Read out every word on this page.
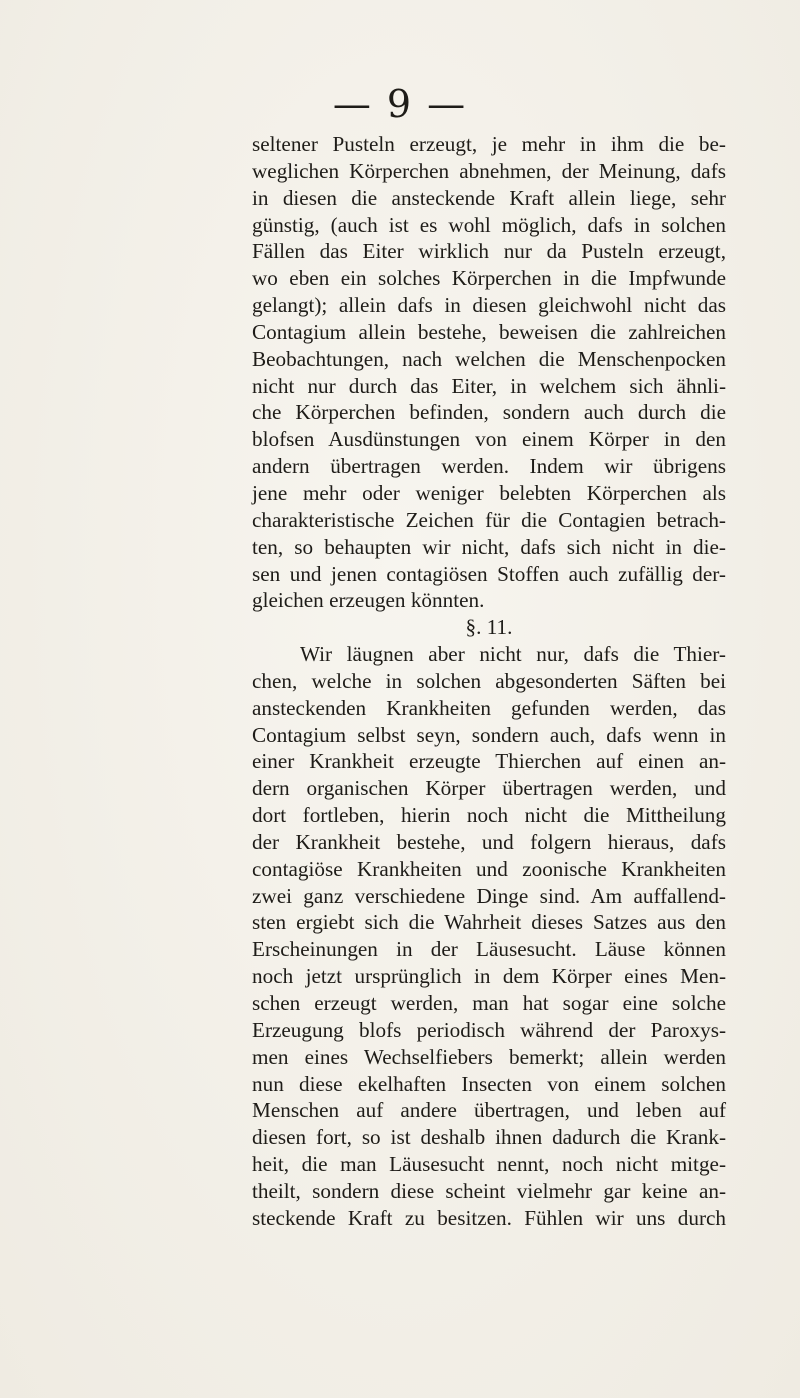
— 9 —
seltener Pusteln erzeugt, je mehr in ihm die be-
weglichen Körperchen abnehmen, der Meinung, dafs
in diesen die ansteckende Kraft allein liege, sehr
günstig, (auch ist es wohl möglich, dafs in solchen
Fällen das Eiter wirklich nur da Pusteln erzeugt,
wo eben ein solches Körperchen in die Impfwunde
gelangt); allein dafs in diesen gleichwohl nicht das
Contagium allein bestehe, beweisen die zahlreichen
Beobachtungen, nach welchen die Menschenpocken
nicht nur durch das Eiter, in welchem sich ähnli-
che Körperchen befinden, sondern auch durch die
blofsen Ausdünstungen von einem Körper in den
andern übertragen werden. Indem wir übrigens
jene mehr oder weniger belebten Körperchen als
charakteristische Zeichen für die Contagien betrach-
ten, so behaupten wir nicht, dafs sich nicht in die-
sen und jenen contagiösen Stoffen auch zufällig der-
gleichen erzeugen könnten.
§. 11.
Wir läugnen aber nicht nur, dafs die Thier-
chen, welche in solchen abgesonderten Säften bei
ansteckenden Krankheiten gefunden werden, das
Contagium selbst seyn, sondern auch, dafs wenn in
einer Krankheit erzeugte Thierchen auf einen an-
dern organischen Körper übertragen werden, und
dort fortleben, hierin noch nicht die Mittheilung
der Krankheit bestehe, und folgern hieraus, dafs
contagiöse Krankheiten und zoonische Krankheiten
zwei ganz verschiedene Dinge sind. Am auffallend-
sten ergiebt sich die Wahrheit dieses Satzes aus den
Erscheinungen in der Läusesucht. Läuse können
noch jetzt ursprünglich in dem Körper eines Men-
schen erzeugt werden, man hat sogar eine solche
Erzeugung blofs periodisch während der Paroxys-
men eines Wechselfiebers bemerkt; allein werden
nun diese ekelhaften Insecten von einem solchen
Menschen auf andere übertragen, und leben auf
diesen fort, so ist deshalb ihnen dadurch die Krank-
heit, die man Läusesucht nennt, noch nicht mitge-
theilt, sondern diese scheint vielmehr gar keine an-
steckende Kraft zu besitzen. Fühlen wir uns durch
